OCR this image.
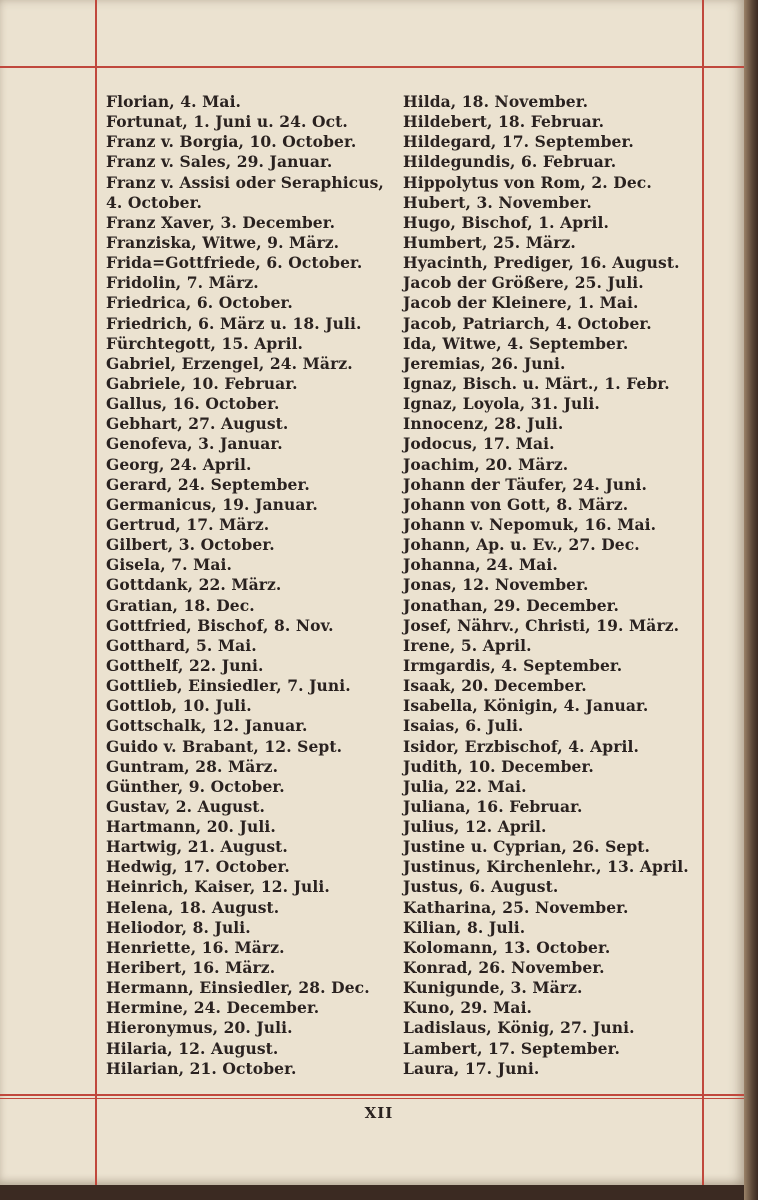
Florian, 4. Mai.
Fortunat, 1. Juni u. 24. Oct.
Franz v. Borgia, 10. October.
Franz v. Sales, 29. Januar.
Franz v. Assisi oder Seraphicus,
4. October.
Franz Xaver, 3. December.
Franziska, Witwe, 9. März.
Frida=Gottfriede, 6. October.
Fridolin, 7. März.
Friedrica, 6. October.
Friedrich, 6. März u. 18. Juli.
Fürchtegott, 15. April.
Gabriel, Erzengel, 24. März.
Gabriele, 10. Februar.
Gallus, 16. October.
Gebhart, 27. August.
Genofeva, 3. Januar.
Georg, 24. April.
Gerard, 24. September.
Germanicus, 19. Januar.
Gertrud, 17. März.
Gilbert, 3. October.
Gisela, 7. Mai.
Gottdank, 22. März.
Gratian, 18. Dec.
Gottfried, Bischof, 8. Nov.
Gotthard, 5. Mai.
Gotthelf, 22. Juni.
Gottlieb, Einsiedler, 7. Juni.
Gottlob, 10. Juli.
Gottschalk, 12. Januar.
Guido v. Brabant, 12. Sept.
Guntram, 28. März.
Günther, 9. October.
Gustav, 2. August.
Hartmann, 20. Juli.
Hartwig, 21. August.
Hedwig, 17. October.
Heinrich, Kaiser, 12. Juli.
Helena, 18. August.
Heliodor, 8. Juli.
Henriette, 16. März.
Heribert, 16. März.
Hermann, Einsiedler, 28. Dec.
Hermine, 24. December.
Hieronymus, 20. Juli.
Hilaria, 12. August.
Hilarian, 21. October.
Hilda, 18. November.
Hildebert, 18. Februar.
Hildegard, 17. September.
Hildegundis, 6. Februar.
Hippolytus von Rom, 2. Dec.
Hubert, 3. November.
Hugo, Bischof, 1. April.
Humbert, 25. März.
Hyacinth, Prediger, 16. August.
Jacob der Größere, 25. Juli.
Jacob der Kleinere, 1. Mai.
Jacob, Patriarch, 4. October.
Ida, Witwe, 4. September.
Jeremias, 26. Juni.
Ignaz, Bisch. u. Märt., 1. Febr.
Ignaz, Loyola, 31. Juli.
Innocenz, 28. Juli.
Jodocus, 17. Mai.
Joachim, 20. März.
Johann der Täufer, 24. Juni.
Johann von Gott, 8. März.
Johann v. Nepomuk, 16. Mai.
Johann, Ap. u. Ev., 27. Dec.
Johanna, 24. Mai.
Jonas, 12. November.
Jonathan, 29. December.
Josef, Nährv., Christi, 19. März.
Irene, 5. April.
Irmgardis, 4. September.
Isaak, 20. December.
Isabella, Königin, 4. Januar.
Isaias, 6. Juli.
Isidor, Erzbischof, 4. April.
Judith, 10. December.
Julia, 22. Mai.
Juliana, 16. Februar.
Julius, 12. April.
Justine u. Cyprian, 26. Sept.
Justinus, Kirchenlehr., 13. April.
Justus, 6. August.
Katharina, 25. November.
Kilian, 8. Juli.
Kolomann, 13. October.
Konrad, 26. November.
Kunigunde, 3. März.
Kuno, 29. Mai.
Ladislaus, König, 27. Juni.
Lambert, 17. September.
Laura, 17. Juni.
XII
